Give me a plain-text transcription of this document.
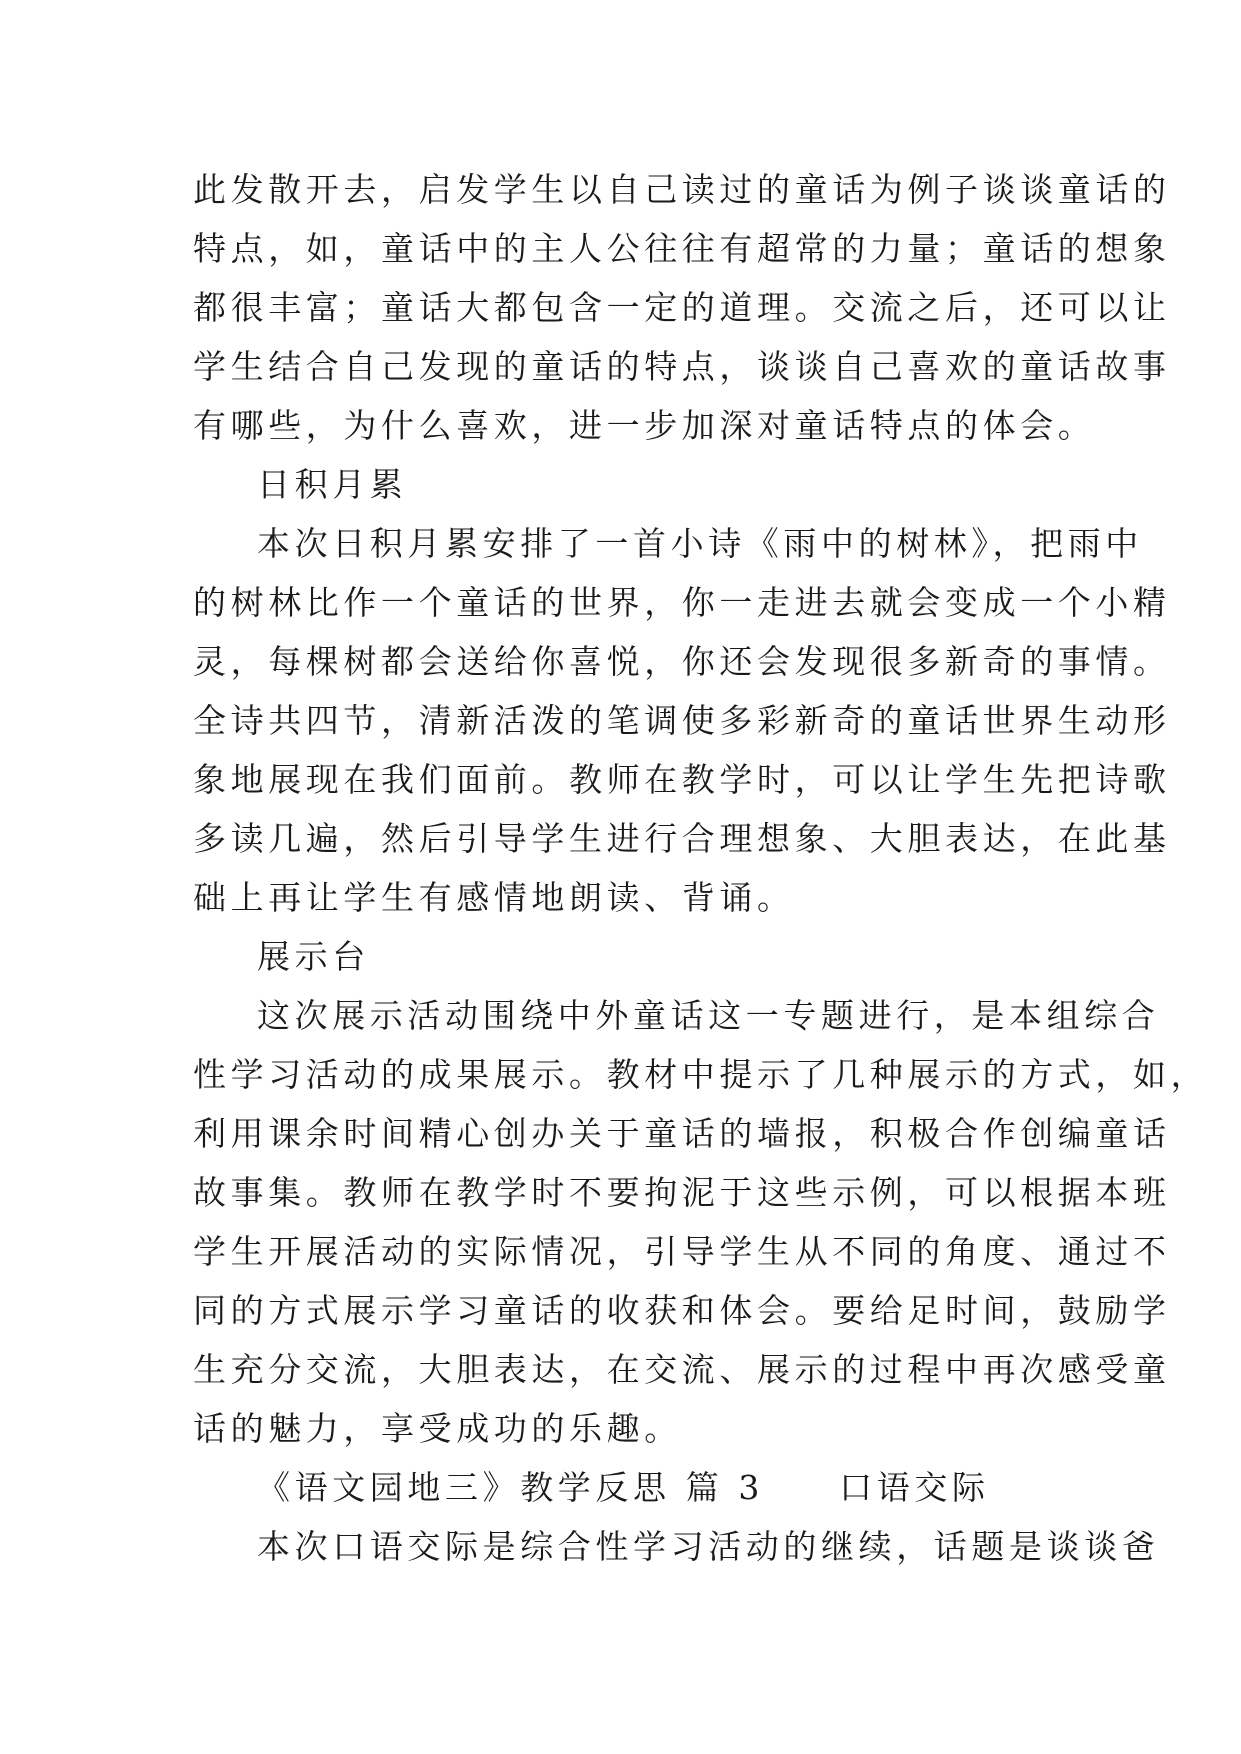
此发散开去，启发学生以自己读过的童话为例子谈谈童话的
特点，如，童话中的主人公往往有超常的力量；童话的想象
都很丰富；童话大都包含一定的道理。交流之后，还可以让
学生结合自己发现的童话的特点，谈谈自己喜欢的童话故事
有哪些，为什么喜欢，进一步加深对童话特点的体会。
日积月累
本次日积月累安排了一首小诗《雨中的树林》，把雨中
的树林比作一个童话的世界，你一走进去就会变成一个小精
灵，每棵树都会送给你喜悦，你还会发现很多新奇的事情。
全诗共四节，清新活泼的笔调使多彩新奇的童话世界生动形
象地展现在我们面前。教师在教学时，可以让学生先把诗歌
多读几遍，然后引导学生进行合理想象、大胆表达，在此基
础上再让学生有感情地朗读、背诵。
展示台
这次展示活动围绕中外童话这一专题进行，是本组综合
性学习活动的成果展示。教材中提示了几种展示的方式，如，
利用课余时间精心创办关于童话的墙报，积极合作创编童话
故事集。教师在教学时不要拘泥于这些示例，可以根据本班
学生开展活动的实际情况，引导学生从不同的角度、通过不
同的方式展示学习童话的收获和体会。要给足时间，鼓励学
生充分交流，大胆表达，在交流、展示的过程中再次感受童
话的魅力，享受成功的乐趣。
《语文园地三》教学反思 篇 3　　口语交际
本次口语交际是综合性学习活动的继续，话题是谈谈爸
